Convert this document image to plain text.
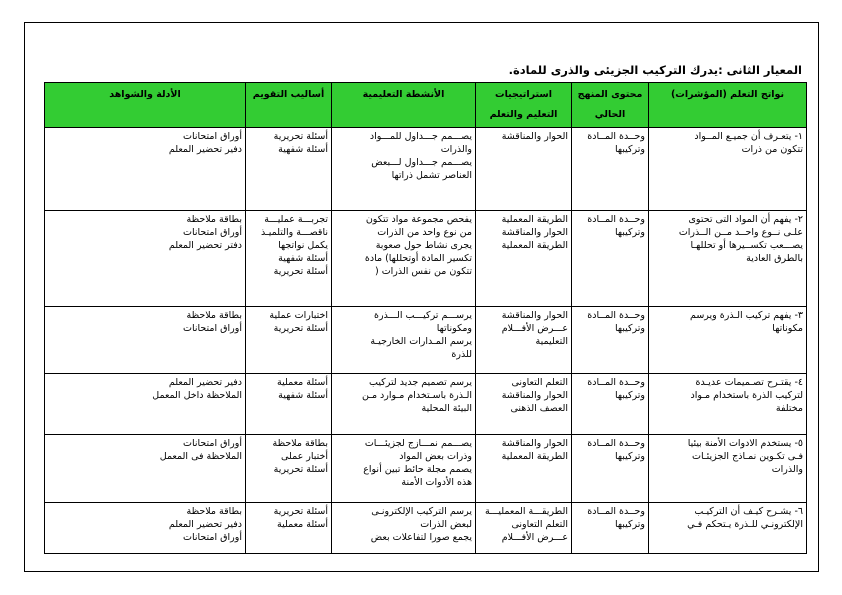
المعيار الثانى :يدرك التركيب الجزيئى والذرى للمادة.
نواتج التعلم (المؤشرات)	محتوى المنهج الحالي	استراتيجيات التعليم والتعلم	الأنشطة التعليمية	أساليب التقويم	الأدلة والشواهد

١- يتعـرف أن جميـع المــواد
تتكون من ذرات	وحــدة المــادة
وتركيبها	الحوار والمناقشة	يصـــمم جـــداول للمـــواد
والذرات
يصـــمم جـــداول لـــبعض
العناصر تشمل ذراتها	أسئلة تحريرية
أسئلة شفهية	أوراق امتحانات
دفير تحضير المعلم

٢- يفهم أن المواد التى تحتوى
علـى نــوع واحــد مــن الــذرات
يصـــعب تكســيرها أو تحللهـا
بالطرق العادية	وحــدة المــادة
وتركيبها	الطريقة المعملية
الحوار والمناقشة
الطريقة المعملية	يفحص مجموعة مواد تتكون
من نوع واحد من الذرات
يجرى نشاط حول صعوبة
تكسير المادة أوتحللها) مادة
تتكون من نفس الذرات (	تجربـــة عمليـــة
ناقصـــة والتلميـذ
يكمل نواتجها
أسئلة شفهية
أسئلة تحريرية	بطاقة ملاحظة
أوراق امتحانات
دفتر تحضير المعلم

٣- يفهم تركيب الـذرة ويرسم
مكوناتها	وحــدة المــادة
وتركيبها	الحوار والمناقشة
عـــرض الأفـــلام
التعليمية	يرســـم تركيـــب الـــذرة
ومكوناتها
يرسم المـدارات الخارجيـة
للذرة	اختبارات عملية
أسئلة تحريرية	بطاقة ملاحظة
أوراق امتحانات

٤- يقتـرح تصـميمات عديـدة
لتركيب الذرة باستخدام مـواد
مختلفة	وحــدة المــادة
وتركيبها	التعلم التعاونى
الحوار والمناقشة
العصف الذهنى	يرسم تصميم جديد لتركيب
الـذرة باسـتخدام مـوارد مـن
البيئة المحلية	أسئلة معملية
أسئلة شفهية	دفير تحضير المعلم
الملاحظة داخل المعمل

٥- يستخدم الادوات الأمنة بيئيا
فـى تكـوين نمـاذج الجزيئـات
والذرات	وحــدة المــادة
وتركيبها	الحوار والمناقشة
الطريقة المعملية	يصـــمم نمـــازج لجزيئـــات
وذرات بعض المواد
يصمم مجلة حائط تبين أنواع
هذه الأدوات الأمنة	بطاقة ملاحظة
أختبار عملى
أسئلة تحريرية	أوراق امتحانات
الملاحظة فى المعمل

٦- يشـرح كيـف أن التركيـب
الإلكترونـي للـذرة يـتحكم فـي	وحــدة المــادة
وتركيبها	الطريقـــة المعمليـــة
التعلم التعاونى
عـــرض الأفـــلام	يرسم التركيب الإلكترونـى
لبعض الذرات
يجمع صورا لتفاعلات بعض	أسئلة تحريرية
أسئلة معملية	بطاقة ملاحظة
دفير تحضير المعلم
أوراق امتحانات
